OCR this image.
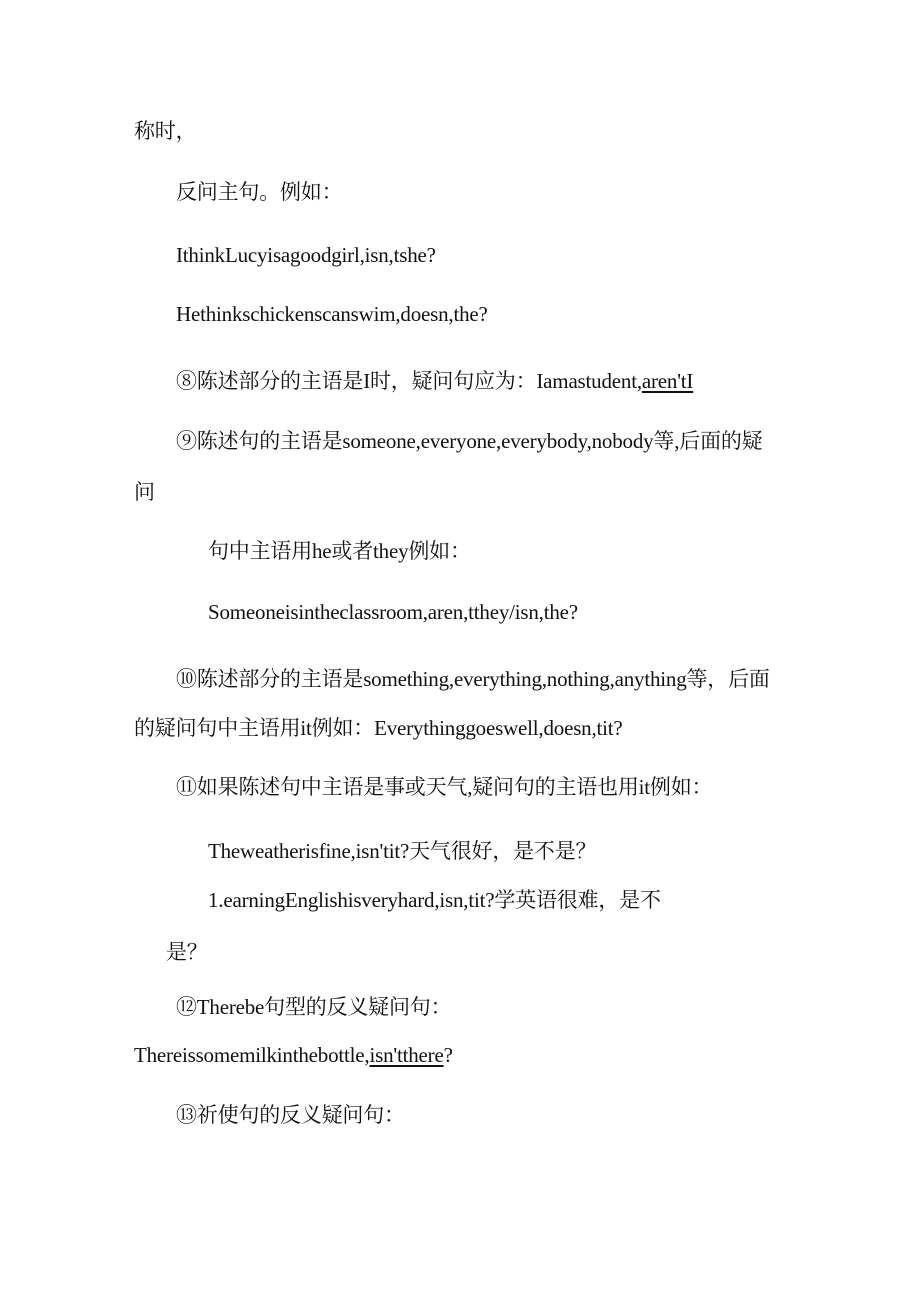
称时，
反问主句。例如：
IthinkLucyisagoodgirl,isn,tshe?
Hethinkschickenscanswim,doesn,the?
⑧陈述部分的主语是I时，疑问句应为：Iamastudent,aren'tI
⑨陈述句的主语是someone,everyone,everybody,nobody等,后面的疑
问
句中主语用he或者they例如：
Someoneisintheclassroom,aren,tthey/isn,the?
⑩陈述部分的主语是something,everything,nothing,anything等，后面
的疑问句中主语用it例如：Everythinggoeswell,doesn,tit?
⑪如果陈述句中主语是事或天气,疑问句的主语也用it例如：
Theweatherisfine,isn'tit?天气很好，是不是？
1.earningEnglishisveryhard,isn,tit?学英语很难，是不
是？
⑫Therebe句型的反义疑问句：
Thereissomemilkinthebottle,isn'tthere?
⑬祈使句的反义疑问句：
